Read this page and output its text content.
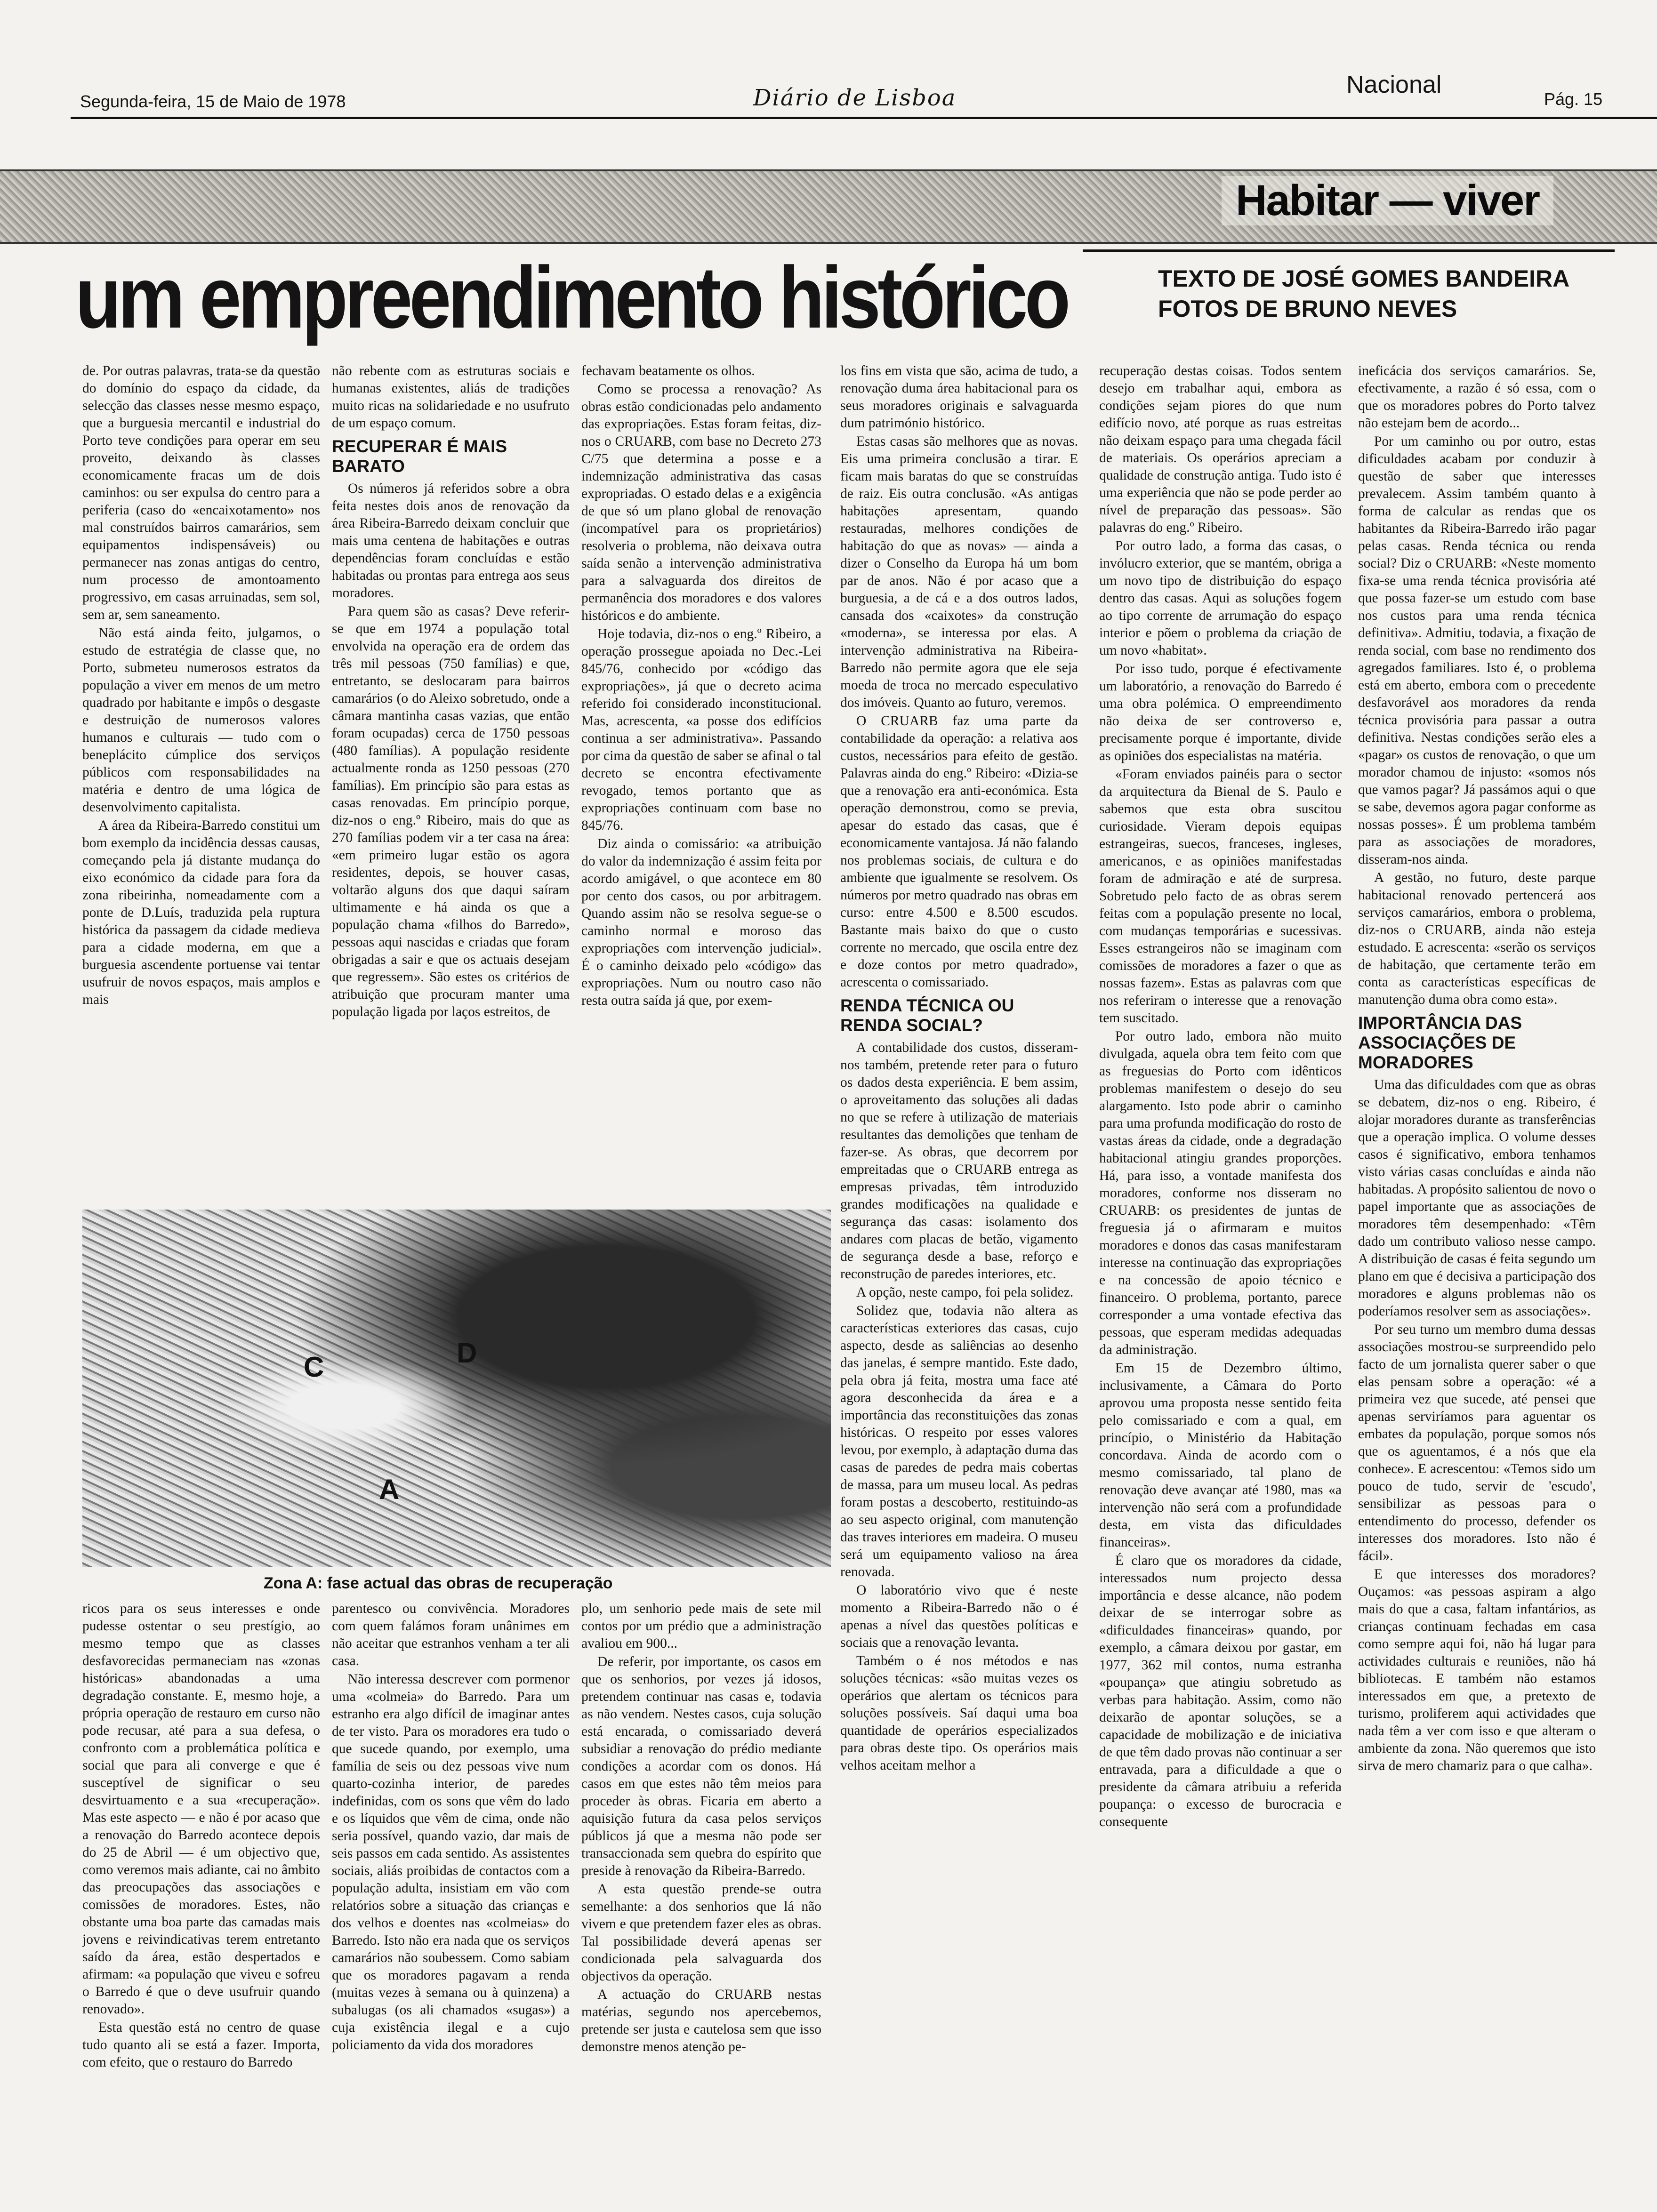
Segunda-feira, 15 de Maio de 1978	Diário de Lisboa	Nacional
Pág. 15
Habitar — viver
um empreendimento histórico	TEXTO DE JOSÉ GOMES BANDEIRA
FOTOS DE BRUNO NEVES

de. Por outras palavras, trata-se da questão do domínio do espaço da cidade, da selecção das classes nesse mesmo espaço, que a burguesia mercantil e industrial do Porto teve condições para operar em seu proveito, deixando às classes economicamente fracas um de dois caminhos: ou ser expulsa do centro para a periferia (caso do «encaixotamento» nos mal construídos bairros camarários, sem equipamentos indispensáveis) ou permanecer nas zonas antigas do centro, num processo de amontoamento progressivo, em casas arruinadas, sem sol, sem ar, sem saneamento.

Não está ainda feito, julgamos, o estudo de estratégia de classe que, no Porto, submeteu numerosos estratos da população a viver em menos de um metro quadrado por habitante e impôs o desgaste e destruição de numerosos valores humanos e culturais — tudo com o beneplácito cúmplice dos serviços públicos com responsabilidades na matéria e dentro de uma lógica de desenvolvimento capitalista.

A área da Ribeira-Barredo constitui um bom exemplo da incidência dessas causas, começando pela já distante mudança do eixo económico da cidade para fora da zona ribeirinha, nomeadamente com a ponte de D.Luís, traduzida pela ruptura histórica da passagem da cidade medieva para a cidade moderna, em que a burguesia ascendente portuense vai tentar usufruir de novos espaços, mais amplos e mais

não rebente com as estruturas sociais e humanas existentes, aliás de tradições muito ricas na solidariedade e no usufruto de um espaço comum.

RECUPERAR É MAIS BARATO

Os números já referidos sobre a obra feita nestes dois anos de renovação da área Ribeira-Barredo deixam concluir que mais uma centena de habitações e outras dependências foram concluídas e estão habitadas ou prontas para entrega aos seus moradores.

Para quem são as casas? Deve referir-se que em 1974 a população total envolvida na operação era de ordem das três mil pessoas (750 famílias) e que, entretanto, se deslocaram para bairros camarários (o do Aleixo sobretudo, onde a câmara mantinha casas vazias, que então foram ocupadas) cerca de 1750 pessoas (480 famílias). A população residente actualmente ronda as 1250 pessoas (270 famílias). Em princípio são para estas as casas renovadas. Em princípio porque, diz-nos o eng.º Ribeiro, mais do que as 270 famílias podem vir a ter casa na área: «em primeiro lugar estão os agora residentes, depois, se houver casas, voltarão alguns dos que daqui saíram ultimamente e há ainda os que a população chama «filhos do Barredo», pessoas aqui nascidas e criadas que foram obrigadas a sair e que os actuais desejam que regressem». São estes os critérios de atribuição que procuram manter uma população ligada por laços estreitos, de

fechavam beatamente os olhos.

Como se processa a renovação? As obras estão condicionadas pelo andamento das expropriações. Estas foram feitas, diz-nos o CRUARB, com base no Decreto 273 C/75 que determina a posse e a indemnização administrativa das casas expropriadas. O estado delas e a exigência de que só um plano global de renovação (incompatível para os proprietários) resolveria o problema, não deixava outra saída senão a intervenção administrativa para a salvaguarda dos direitos de permanência dos moradores e dos valores históricos e do ambiente.

Hoje todavia, diz-nos o eng.º Ribeiro, a operação prossegue apoiada no Dec.-Lei 845/76, conhecido por «código das expropriações», já que o decreto acima referido foi considerado inconstitucional. Mas, acrescenta, «a posse dos edifícios continua a ser administrativa». Passando por cima da questão de saber se afinal o tal decreto se encontra efectivamente revogado, temos portanto que as expropriações continuam com base no 845/76.

Diz ainda o comissário: «a atribuição do valor da indemnização é assim feita por acordo amigável, o que acontece em 80 por cento dos casos, ou por arbitragem. Quando assim não se resolva segue-se o caminho normal e moroso das expropriações com intervenção judicial». É o caminho deixado pelo «código» das expropriações. Num ou noutro caso não resta outra saída já que, por exem-

los fins em vista que são, acima de tudo, a renovação duma área habitacional para os seus moradores originais e salvaguarda dum património histórico.

Estas casas são melhores que as novas. Eis uma primeira conclusão a tirar. E ficam mais baratas do que se construídas de raiz. Eis outra conclusão. «As antigas habitações apresentam, quando restauradas, melhores condições de habitação do que as novas» — ainda a dizer o Conselho da Europa há um bom par de anos. Não é por acaso que a burguesia, a de cá e a dos outros lados, cansada dos «caixotes» da construção «moderna», se interessa por elas. A intervenção administrativa na Ribeira-Barredo não permite agora que ele seja moeda de troca no mercado especulativo dos imóveis. Quanto ao futuro, veremos.

O CRUARB faz uma parte da contabilidade da operação: a relativa aos custos, necessários para efeito de gestão. Palavras ainda do eng.º Ribeiro: «Dizia-se que a renovação era anti-económica. Esta operação demonstrou, como se previa, apesar do estado das casas, que é economicamente vantajosa. Já não falando nos problemas sociais, de cultura e do ambiente que igualmente se resolvem. Os números por metro quadrado nas obras em curso: entre 4.500 e 8.500 escudos. Bastante mais baixo do que o custo corrente no mercado, que oscila entre dez e doze contos por metro quadrado», acrescenta o comissariado.

RENDA TÉCNICA OU RENDA SOCIAL?

A contabilidade dos custos, disseram-nos também, pretende reter para o futuro os dados desta experiência. E bem assim, o aproveitamento das soluções ali dadas no que se refere à utilização de materiais resultantes das demolições que tenham de fazer-se. As obras, que decorrem por empreitadas que o CRUARB entrega as empresas privadas, têm introduzido grandes modificações na qualidade e segurança das casas: isolamento dos andares com placas de betão, vigamento de segurança desde a base, reforço e reconstrução de paredes interiores, etc.

A opção, neste campo, foi pela solidez.

Solidez que, todavia não altera as características exteriores das casas, cujo aspecto, desde as saliências ao desenho das janelas, é sempre mantido. Este dado, pela obra já feita, mostra uma face até agora desconhecida da área e a importância das reconstituições das zonas históricas. O respeito por esses valores levou, por exemplo, à adaptação duma das casas de paredes de pedra mais cobertas de massa, para um museu local. As pedras foram postas a descoberto, restituindo-as ao seu aspecto original, com manutenção das traves interiores em madeira. O museu será um equipamento valioso na área renovada.

O laboratório vivo que é neste momento a Ribeira-Barredo não o é apenas a nível das questões políticas e sociais que a renovação levanta.

Também o é nos métodos e nas soluções técnicas: «são muitas vezes os operários que alertam os técnicos para soluções possíveis. Saí daqui uma boa quantidade de operários especializados para obras deste tipo. Os operários mais velhos aceitam melhor a

recuperação destas coisas. Todos sentem desejo em trabalhar aqui, embora as condições sejam piores do que num edifício novo, até porque as ruas estreitas não deixam espaço para uma chegada fácil de materiais. Os operários apreciam a qualidade de construção antiga. Tudo isto é uma experiência que não se pode perder ao nível de preparação das pessoas». São palavras do eng.º Ribeiro.

Por outro lado, a forma das casas, o invólucro exterior, que se mantém, obriga a um novo tipo de distribuição do espaço dentro das casas. Aqui as soluções fogem ao tipo corrente de arrumação do espaço interior e põem o problema da criação de um novo «habitat».

Por isso tudo, porque é efectivamente um laboratório, a renovação do Barredo é uma obra polémica. O empreendimento não deixa de ser controverso e, precisamente porque é importante, divide as opiniões dos especialistas na matéria.

«Foram enviados painéis para o sector da arquitectura da Bienal de S. Paulo e sabemos que esta obra suscitou curiosidade. Vieram depois equipas estrangeiras, suecos, franceses, ingleses, americanos, e as opiniões manifestadas foram de admiração e até de surpresa. Sobretudo pelo facto de as obras serem feitas com a população presente no local, com mudanças temporárias e sucessivas. Esses estrangeiros não se imaginam com comissões de moradores a fazer o que as nossas fazem». Estas as palavras com que nos referiram o interesse que a renovação tem suscitado.

Por outro lado, embora não muito divulgada, aquela obra tem feito com que as freguesias do Porto com idênticos problemas manifestem o desejo do seu alargamento. Isto pode abrir o caminho para uma profunda modificação do rosto de vastas áreas da cidade, onde a degradação habitacional atingiu grandes proporções. Há, para isso, a vontade manifesta dos moradores, conforme nos disseram no CRUARB: os presidentes de juntas de freguesia já o afirmaram e muitos moradores e donos das casas manifestaram interesse na continuação das expropriações e na concessão de apoio técnico e financeiro. O problema, portanto, parece corresponder a uma vontade efectiva das pessoas, que esperam medidas adequadas da administração.

Em 15 de Dezembro último, inclusivamente, a Câmara do Porto aprovou uma proposta nesse sentido feita pelo comissariado e com a qual, em princípio, o Ministério da Habitação concordava. Ainda de acordo com o mesmo comissariado, tal plano de renovação deve avançar até 1980, mas «a intervenção não será com a profundidade desta, em vista das dificuldades financeiras».

É claro que os moradores da cidade, interessados num projecto dessa importância e desse alcance, não podem deixar de se interrogar sobre as «dificuldades financeiras» quando, por exemplo, a câmara deixou por gastar, em 1977, 362 mil contos, numa estranha «poupança» que atingiu sobretudo as verbas para habitação. Assim, como não deixarão de apontar soluções, se a capacidade de mobilização e de iniciativa de que têm dado provas não continuar a ser entravada, para a dificuldade a que o presidente da câmara atribuiu a referida poupança: o excesso de burocracia e consequente

ineficácia dos serviços camarários. Se, efectivamente, a razão é só essa, com o que os moradores pobres do Porto talvez não estejam bem de acordo...

Por um caminho ou por outro, estas dificuldades acabam por conduzir à questão de saber que interesses prevalecem. Assim também quanto à forma de calcular as rendas que os habitantes da Ribeira-Barredo irão pagar pelas casas. Renda técnica ou renda social? Diz o CRUARB: «Neste momento fixa-se uma renda técnica provisória até que possa fazer-se um estudo com base nos custos para uma renda técnica definitiva». Admitiu, todavia, a fixação de renda social, com base no rendimento dos agregados familiares. Isto é, o problema está em aberto, embora com o precedente desfavorável aos moradores da renda técnica provisória para passar a outra definitiva. Nestas condições serão eles a «pagar» os custos de renovação, o que um morador chamou de injusto: «somos nós que vamos pagar? Já passámos aqui o que se sabe, devemos agora pagar conforme as nossas posses». É um problema também para as associações de moradores, disseram-nos ainda.

A gestão, no futuro, deste parque habitacional renovado pertencerá aos serviços camarários, embora o problema, diz-nos o CRUARB, ainda não esteja estudado. E acrescenta: «serão os serviços de habitação, que certamente terão em conta as características específicas de manutenção duma obra como esta».

IMPORTÂNCIA DAS ASSOCIAÇÕES DE MORADORES

Uma das dificuldades com que as obras se debatem, diz-nos o eng. Ribeiro, é alojar moradores durante as transferências que a operação implica. O volume desses casos é significativo, embora tenhamos visto várias casas concluídas e ainda não habitadas. A propósito salientou de novo o papel importante que as associações de moradores têm desempenhado: «Têm dado um contributo valioso nesse campo. A distribuição de casas é feita segundo um plano em que é decisiva a participação dos moradores e alguns problemas não os poderíamos resolver sem as associações».

Por seu turno um membro duma dessas associações mostrou-se surpreendido pelo facto de um jornalista querer saber o que elas pensam sobre a operação: «é a primeira vez que sucede, até pensei que apenas serviríamos para aguentar os embates da população, porque somos nós que os aguentamos, é a nós que ela conhece». E acrescentou: «Temos sido um pouco de tudo, servir de 'escudo', sensibilizar as pessoas para o entendimento do processo, defender os interesses dos moradores. Isto não é fácil».

E que interesses dos moradores? Ouçamos: «as pessoas aspiram a algo mais do que a casa, faltam infantários, as crianças continuam fechadas em casa como sempre aqui foi, não há lugar para actividades culturais e reuniões, não há bibliotecas. E também não estamos interessados em que, a pretexto de turismo, proliferem aqui actividades que nada têm a ver com isso e que alteram o ambiente da zona. Não queremos que isto sirva de mero chamariz para o que calha».

D
C
A
Zona A: fase actual das obras de recuperação

ricos para os seus interesses e onde pudesse ostentar o seu prestígio, ao mesmo tempo que as classes desfavorecidas permaneciam nas «zonas históricas» abandonadas a uma degradação constante. E, mesmo hoje, a própria operação de restauro em curso não pode recusar, até para a sua defesa, o confronto com a problemática política e social que para ali converge e que é susceptível de significar o seu desvirtuamento e a sua «recuperação». Mas este aspecto — e não é por acaso que a renovação do Barredo acontece depois do 25 de Abril — é um objectivo que, como veremos mais adiante, cai no âmbito das preocupações das associações e comissões de moradores. Estes, não obstante uma boa parte das camadas mais jovens e reivindicativas terem entretanto saído da área, estão despertados e afirmam: «a população que viveu e sofreu o Barredo é que o deve usufruir quando renovado».

Esta questão está no centro de quase tudo quanto ali se está a fazer. Importa, com efeito, que o restauro do Barredo

parentesco ou convivência. Moradores com quem falámos foram unânimes em não aceitar que estranhos venham a ter ali casa.

Não interessa descrever com pormenor uma «colmeia» do Barredo. Para um estranho era algo difícil de imaginar antes de ter visto. Para os moradores era tudo o que sucede quando, por exemplo, uma família de seis ou dez pessoas vive num quarto-cozinha interior, de paredes indefinidas, com os sons que vêm do lado e os líquidos que vêm de cima, onde não seria possível, quando vazio, dar mais de seis passos em cada sentido. As assistentes sociais, aliás proibidas de contactos com a população adulta, insistiam em vão com relatórios sobre a situação das crianças e dos velhos e doentes nas «colmeias» do Barredo. Isto não era nada que os serviços camarários não soubessem. Como sabiam que os moradores pagavam a renda (muitas vezes à semana ou à quinzena) a subalugas (os ali chamados «sugas») a cuja existência ilegal e a cujo policiamento da vida dos moradores

plo, um senhorio pede mais de sete mil contos por um prédio que a administração avaliou em 900...

De referir, por importante, os casos em que os senhorios, por vezes já idosos, pretendem continuar nas casas e, todavia as não vendem. Nestes casos, cuja solução está encarada, o comissariado deverá subsidiar a renovação do prédio mediante condições a acordar com os donos. Há casos em que estes não têm meios para proceder às obras. Ficaria em aberto a aquisição futura da casa pelos serviços públicos já que a mesma não pode ser transaccionada sem quebra do espírito que preside à renovação da Ribeira-Barredo.

A esta questão prende-se outra semelhante: a dos senhorios que lá não vivem e que pretendem fazer eles as obras. Tal possibilidade deverá apenas ser condicionada pela salvaguarda dos objectivos da operação.

A actuação do CRUARB nestas matérias, segundo nos apercebemos, pretende ser justa e cautelosa sem que isso demonstre menos atenção pe-
